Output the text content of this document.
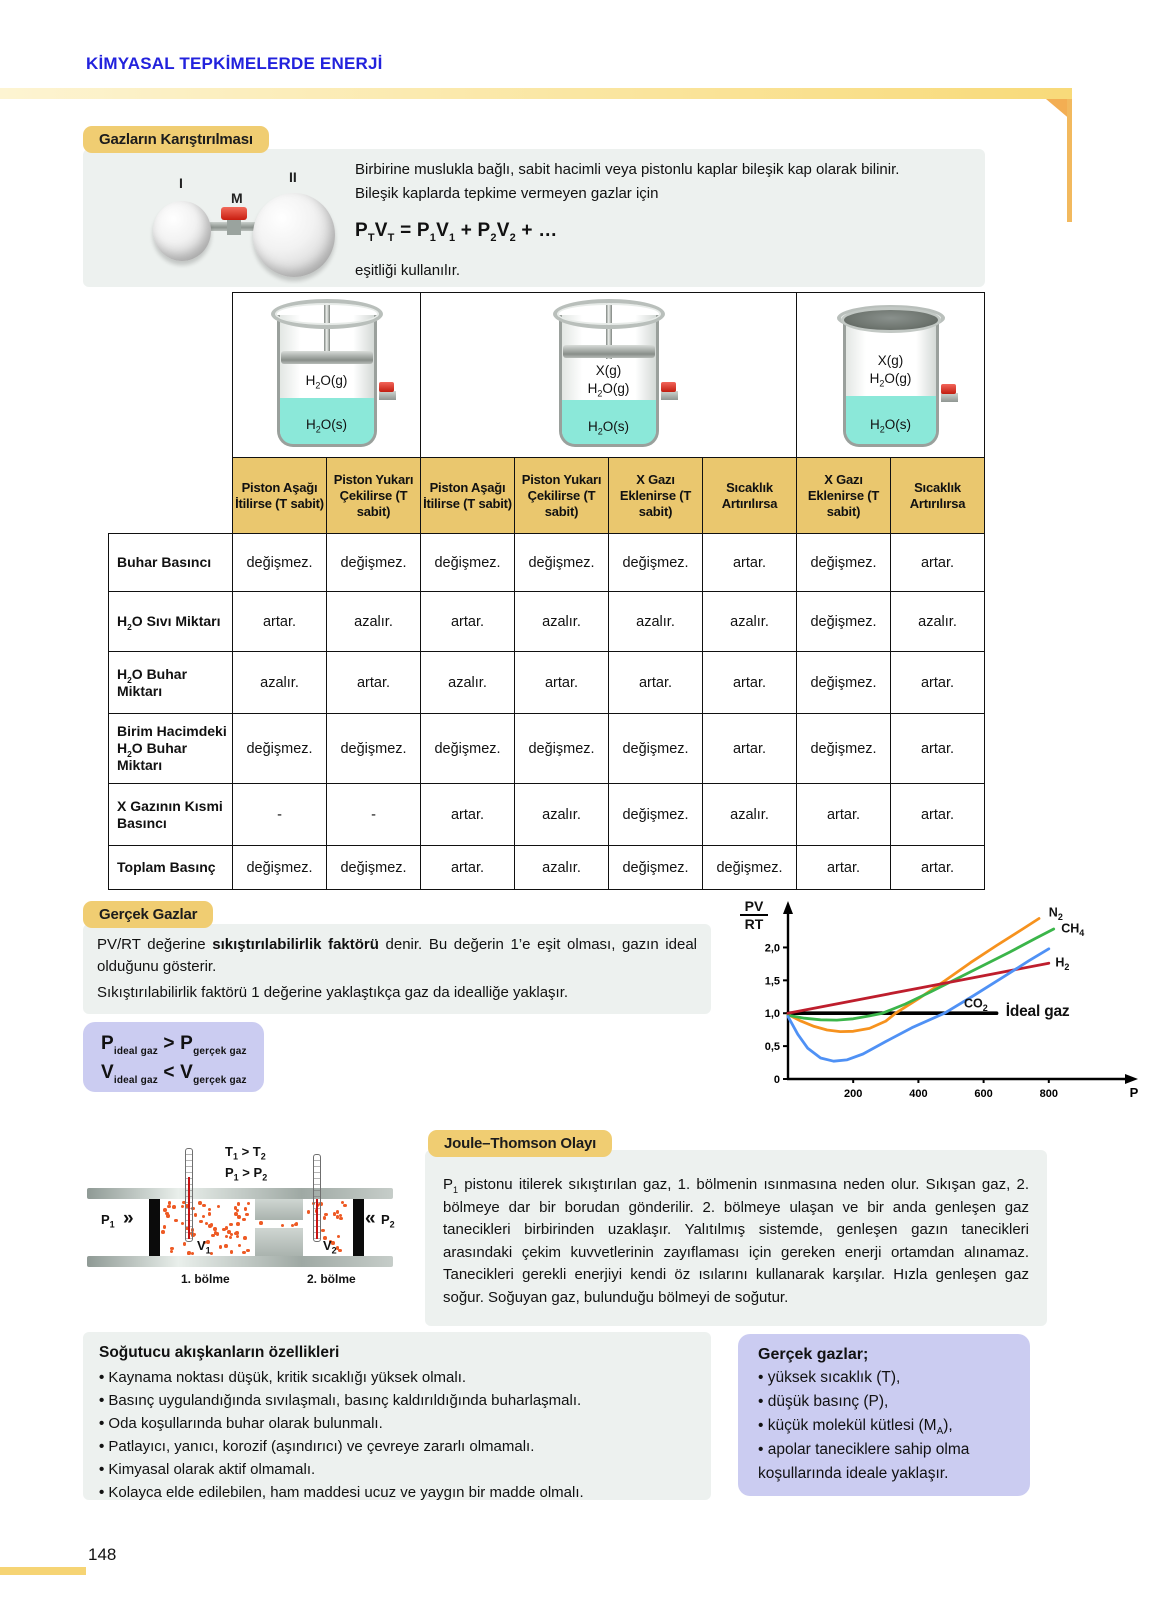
KİMYASAL TEPKİMELERDE ENERJİ
Gazların Karıştırılması
I	II
M
Birbirine muslukla bağlı, sabit hacimli veya pistonlu kaplar bileşik kap olarak bilinir.
Bileşik kaplarda tepkime vermeyen gazlar için
$P_TV_T = P_1V_1 + P_2V_2$ + …
eşitliği kullanılır.

$H_2O(g)$
$H_2O(s)$

X(g)
$H_2O(g)$
$H_2O(s)$

X(g)
$H_2O(g)$
$H_2O(s)$

	Piston Aşağı İtilirse (T sabit)	Piston Yukarı Çekilirse (T sabit)	Piston Aşağı İtilirse (T sabit)	Piston Yukarı Çekilirse (T sabit)	X Gazı Eklenirse (T sabit)	Sıcaklık Artırılırsa	X Gazı Eklenirse (T sabit)	Sıcaklık Artırılırsa
Buhar Basıncı	değişmez.	değişmez.	değişmez.	değişmez.	değişmez.	artar.	değişmez.	artar.
$H_2O$ Sıvı Miktarı	artar.	azalır.	artar.	azalır.	azalır.	azalır.	değişmez.	azalır.
$H_2O$ Buhar Miktarı	azalır.	artar.	azalır.	artar.	artar.	artar.	değişmez.	artar.
Birim Hacimdeki $H_2O$ Buhar Miktarı	değişmez.	değişmez.	değişmez.	değişmez.	değişmez.	artar.	değişmez.	artar.
X Gazının Kısmi Basıncı	-	-	artar.	azalır.	değişmez.	azalır.	artar.	artar.
Toplam Basınç	değişmez.	değişmez.	artar.	azalır.	değişmez.	değişmez.	artar.	artar.
Gerçek Gazlar

PV/RT değerine sıkıştırılabilirlik faktörü denir. Bu değerin 1’e eşit olması, gazın ideal olduğunu gösterir.

Sıkıştırılabilirlik faktörü 1 değerine yaklaştıkça gaz da idealliğe yaklaşır.

$P_{ideal gaz} > P_{gerçek gaz}$
$V_{ideal gaz} < V_{gerçek gaz}$	0
0,5
1,0
1,5
2,0
200	400	600	800	P
$\frac{PV}{RT}$
İdeal gaz
$N_2$
$CH_4$
$H_2$
$CO_2$
Joule–Thomson Olayı

$P_1$ pistonu itilerek sıkıştırılan gaz, 1. bölmenin ısınmasına neden olur. Sıkışan gaz, 2. bölmeye dar bir borudan gönderilir. 2. bölmeye ulaşan ve bir anda genleşen gaz tanecikleri birbirinden uzaklaşır. Yalıtılmış sistemde, genleşen gazın tanecikleri arasındaki çekim kuvvetlerinin zayıflaması için gereken enerji ortamdan alınamaz. Tanecikleri gerekli enerjiyi kendi öz ısılarını kullanarak karşılar. Hızla genleşen gaz soğur. Soğuyan gaz, bulunduğu bölmeyi de soğutur.

$T_1 > T_2$
$P_1 > P_2$
$P_1$ »	« $P_2$
$V_1$	$V_2$
1. bölme	2. bölme
Soğutucu akışkanların özellikleri
• Kaynama noktası düşük, kritik sıcaklığı yüksek olmalı.
• Basınç uygulandığında sıvılaşmalı, basınç kaldırıldığında buharlaşmalı.
• Oda koşullarında buhar olarak bulunmalı.
• Patlayıcı, yanıcı, korozif (aşındırıcı) ve çevreye zararlı olmamalı.
• Kimyasal olarak aktif olmamalı.
• Kolayca elde edilebilen, ham maddesi ucuz ve yaygın bir madde olmalı.
Gerçek gazlar;
• yüksek sıcaklık (T),
• düşük basınç (P),
• küçük molekül kütlesi $(M_A)$,
• apolar taneciklere sahip olma
koşullarında ideale yaklaşır.
148
